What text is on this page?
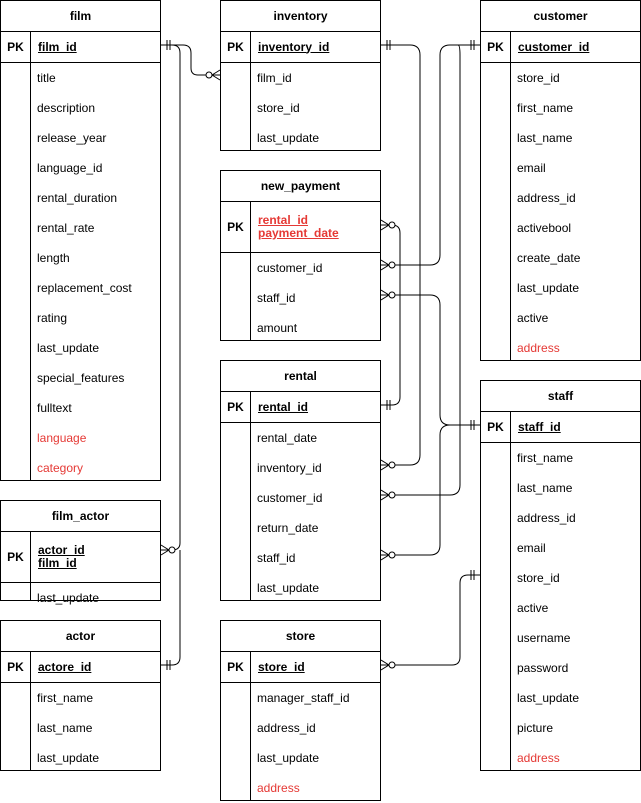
film
PK	film_id
title
description
release_year
language_id
rental_duration
rental_rate
length
replacement_cost
rating
last_update
special_features
fulltext
language
category
inventory
PK	inventory_id
film_id
store_id
last_update
customer
PK	customer_id
store_id
first_name
last_name
email
address_id
activebool
create_date
last_update
active
address
new_payment
PK	rental_id
payment_date
customer_id
staff_id
amount
rental
PK	rental_id
rental_date
inventory_id
customer_id
return_date
staff_id
last_update
staff
PK	staff_id
first_name
last_name
address_id
email
store_id
active
username
password
last_update
picture
address
film_actor
PK	actor_id
film_id
last_update
actor
PK	actore_id
first_name
last_name
last_update
store
PK	store_id
manager_staff_id
address_id
last_update
address
